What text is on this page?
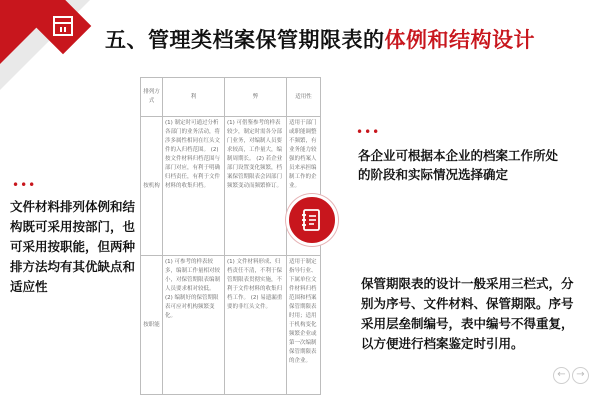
五、管理类档案保管期限表的体例和结构设计
•••
文件材料排列体例和结构既可采用按部门，也可采用按职能，但两种排方法均有其优缺点和适应性
排列方式	利	弊	适用性
按机构	(1) 制定时可通过分析各部门的业务活动，将涉多属性相同在红头文件的入归档范围。 (2) 按文件材料归档范围与部门对应，有利于明确归档责任，有利于文件材料的收集归档。	(1) 可借鉴参考的样表较少，制定时需各分部门业务，对编制人员要求较高，工作量大，编制周期长。 (2) 若企业部门设置变化频繁，档案保管期限表会因部门频繁变动而频繁修订。	适用于部门或职能调整不频繁，有业务能力较强的档案人员来承担编制工作的企业。
按职能	(1) 可参考的样表较多，编制工作量相对较小，对保管期限表编制人员要求相对较低。 (2) 编制好的保管期限表可应对机构频繁变化。	(1) 文件材料形成、归档责任不清，不利于保管期限表贯彻实施，不利于文件材料的收集归档工作。 (2) 易遗漏重要的非红头文件。	适用于制定指导行业、下属单位文件材料归档范围和档案保管期限表时用；适用于机构变化频繁企业或第一次编制保管期限表的企业。
•••
各企业可根据本企业的档案工作所处的阶段和实际情况选择确定
保管期限表的设计一般采用三栏式，分别为序号、文件材料、保管期限。序号采用层垒制编号，表中编号不得重复，以方便进行档案鉴定时引用。
←	→
